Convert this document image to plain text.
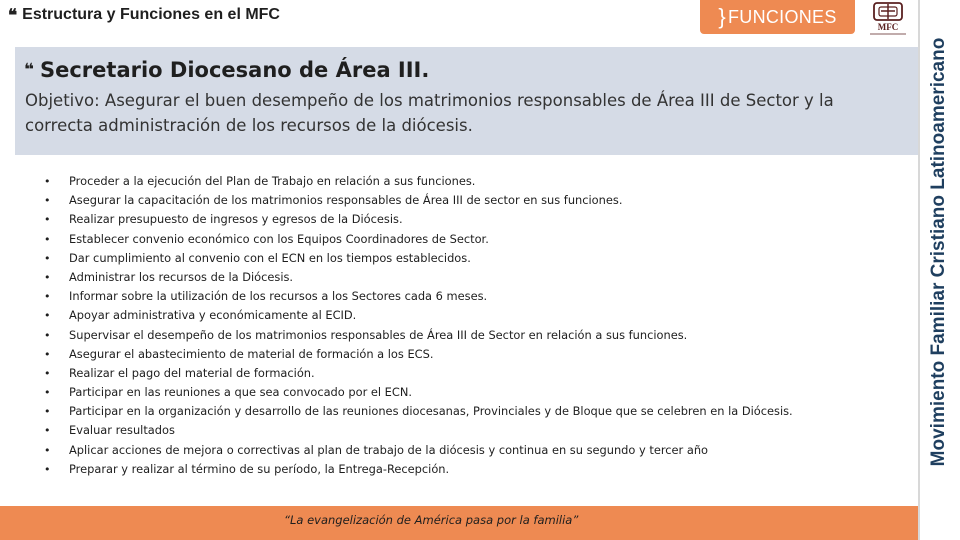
❝ Estructura y Funciones en el MFC	} FUNCIONES
MFC
Movimiento Familiar Cristiano Latinoamericano
❝ Secretario Diocesano de Área III.
Objetivo: Asegurar el buen desempeño de los matrimonios responsables de Área III de Sector y la correcta administración de los recursos de la diócesis.
•	Proceder a la ejecución del Plan de Trabajo en relación a sus funciones.
•	Asegurar la capacitación de los matrimonios responsables de Área III de sector en sus funciones.
•	Realizar presupuesto de ingresos y egresos de la Diócesis.
•	Establecer convenio económico con los Equipos Coordinadores de Sector.
•	Dar cumplimiento al convenio con el ECN en los tiempos establecidos.
•	Administrar los recursos de la Diócesis.
•	Informar sobre la utilización de los recursos a los Sectores cada 6 meses.
•	Apoyar administrativa y económicamente al ECID.
•	Supervisar el desempeño de los matrimonios responsables de Área III de Sector en relación a sus funciones.
•	Asegurar el abastecimiento de material de formación a los ECS.
•	Realizar el pago del material de formación.
•	Participar en las reuniones a que sea convocado por el ECN.
•	Participar en la organización y desarrollo de las reuniones diocesanas, Provinciales y de Bloque que se celebren en la Diócesis.
•	Evaluar resultados
•	Aplicar acciones de mejora o correctivas al plan de trabajo de la diócesis y continua en su segundo y tercer año
•	Preparar y realizar al término de su período, la Entrega-Recepción.
“La evangelización de América pasa por la familia”
